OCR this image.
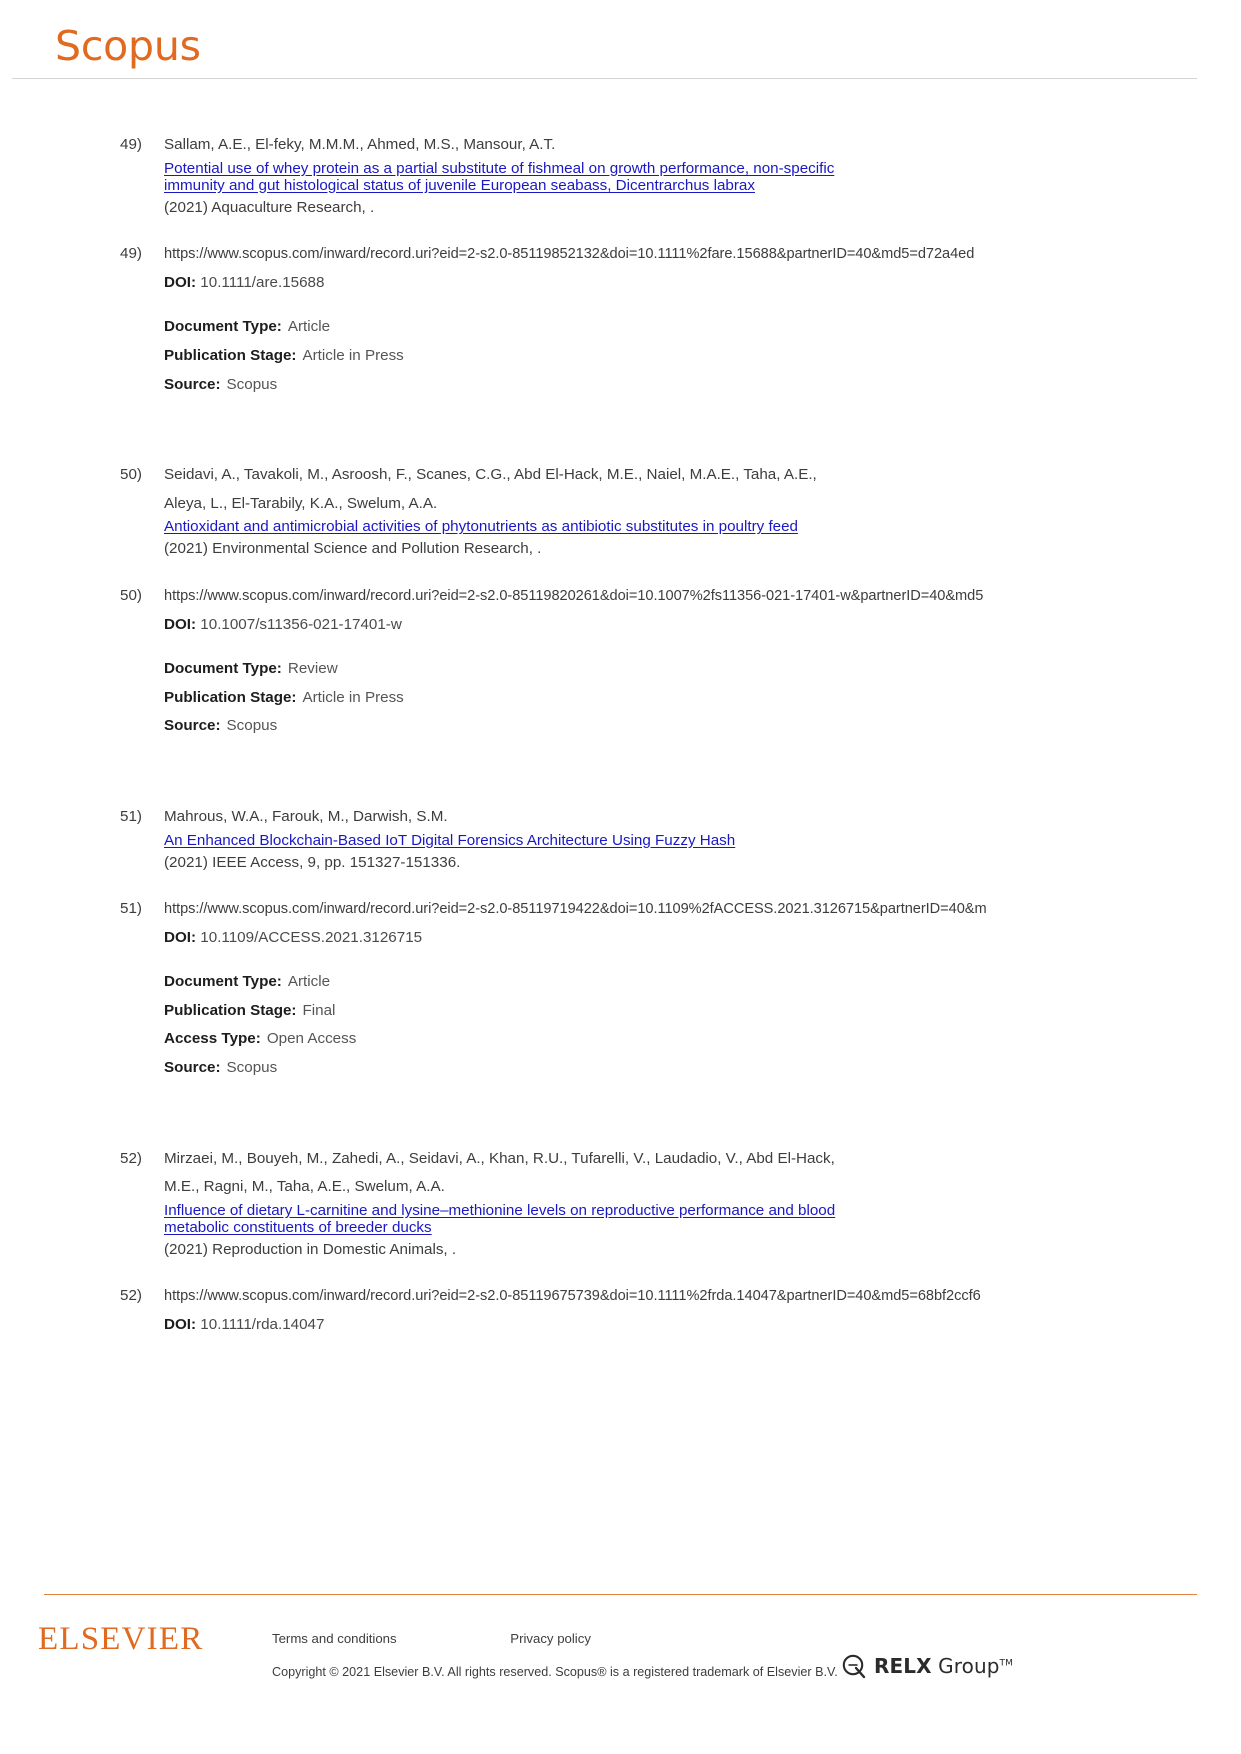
Scopus
49)	Sallam, A.E., El-feky, M.M.M., Ahmed, M.S., Mansour, A.T.
Potential use of whey protein as a partial substitute of fishmeal on growth performance, non-specific
immunity and gut histological status of juvenile European seabass, Dicentrarchus labrax
(2021) Aquaculture Research, .
49)	https://www.scopus.com/inward/record.uri?eid=2-s2.0-85119852132&doi=10.1111%2fare.15688&partnerID=40&md5=d72a4ed
DOI: 10.1111/are.15688
Document Type: Article
Publication Stage: Article in Press
Source: Scopus
50)	Seidavi, A., Tavakoli, M., Asroosh, F., Scanes, C.G., Abd El-Hack, M.E., Naiel, M.A.E., Taha, A.E.,
Aleya, L., El-Tarabily, K.A., Swelum, A.A.
Antioxidant and antimicrobial activities of phytonutrients as antibiotic substitutes in poultry feed
(2021) Environmental Science and Pollution Research, .
50)	https://www.scopus.com/inward/record.uri?eid=2-s2.0-85119820261&doi=10.1007%2fs11356-021-17401-w&partnerID=40&md5
DOI: 10.1007/s11356-021-17401-w
Document Type: Review
Publication Stage: Article in Press
Source: Scopus
51)	Mahrous, W.A., Farouk, M., Darwish, S.M.
An Enhanced Blockchain-Based IoT Digital Forensics Architecture Using Fuzzy Hash
(2021) IEEE Access, 9, pp. 151327-151336.
51)	https://www.scopus.com/inward/record.uri?eid=2-s2.0-85119719422&doi=10.1109%2fACCESS.2021.3126715&partnerID=40&m
DOI: 10.1109/ACCESS.2021.3126715
Document Type: Article
Publication Stage: Final
Access Type: Open Access
Source: Scopus
52)	Mirzaei, M., Bouyeh, M., Zahedi, A., Seidavi, A., Khan, R.U., Tufarelli, V., Laudadio, V., Abd El-Hack,
M.E., Ragni, M., Taha, A.E., Swelum, A.A.
Influence of dietary L-carnitine and lysine–methionine levels on reproductive performance and blood
metabolic constituents of breeder ducks
(2021) Reproduction in Domestic Animals, .
52)	https://www.scopus.com/inward/record.uri?eid=2-s2.0-85119675739&doi=10.1111%2frda.14047&partnerID=40&md5=68bf2ccf6
DOI: 10.1111/rda.14047
ELSEVIER	Terms and conditions	Privacy policy
Copyright © 2021 Elsevier B.V. All rights reserved. Scopus® is a registered trademark of Elsevier B.V. RELX Group™
